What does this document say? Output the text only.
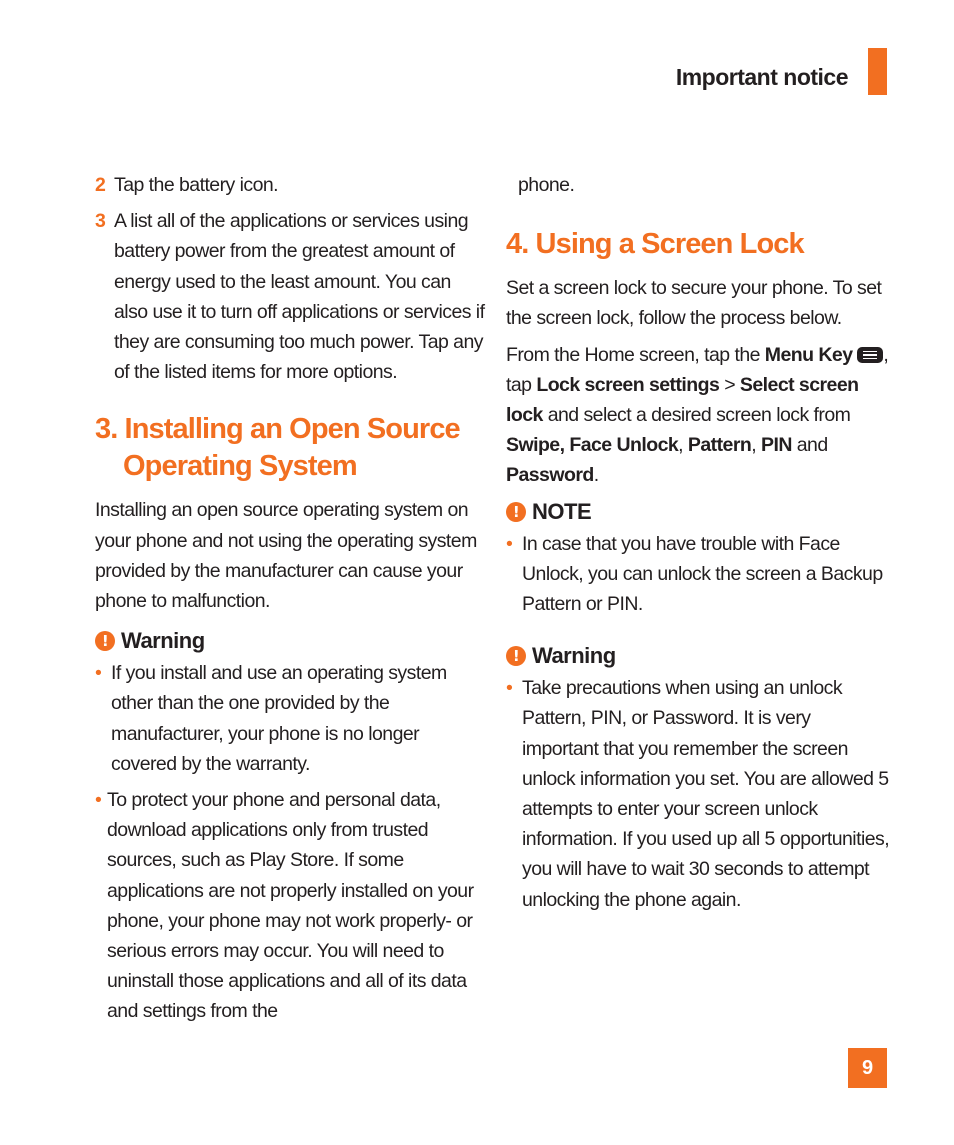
Important notice
2 Tap the battery icon.
3 A list all of the applications or services using battery power from the greatest amount of energy used to the least amount. You can also use it to turn off applications or services if they are consuming too much power. Tap any of the listed items for more options.
3. Installing an Open Source
Operating System

Installing an open source operating system on your phone and not using the operating system provided by the manufacturer can cause your phone to malfunction.

! Warning
• If you install and use an operating system other than the one provided by the manufacturer, your phone is no longer covered by the warranty.
• To protect your phone and personal data, download applications only from trusted sources, such as Play Store. If some applications are not properly installed on your phone, your phone may not work properly- or serious errors may occur. You will need to uninstall those applications and all of its data and settings from the

phone.

4. Using a Screen Lock

Set a screen lock to secure your phone. To set the screen lock, follow the process below.

From the Home screen, tap the Menu Key , tap Lock screen settings > Select screen lock and select a desired screen lock from Swipe, Face Unlock, Pattern, PIN and Password.

! NOTE
• In case that you have trouble with Face Unlock, you can unlock the screen a Backup Pattern or PIN.
! Warning
• Take precautions when using an unlock Pattern, PIN, or Password. It is very important that you remember the screen unlock information you set. You are allowed 5 attempts to enter your screen unlock information. If you used up all 5 opportunities, you will have to wait 30 seconds to attempt unlocking the phone again.
9
